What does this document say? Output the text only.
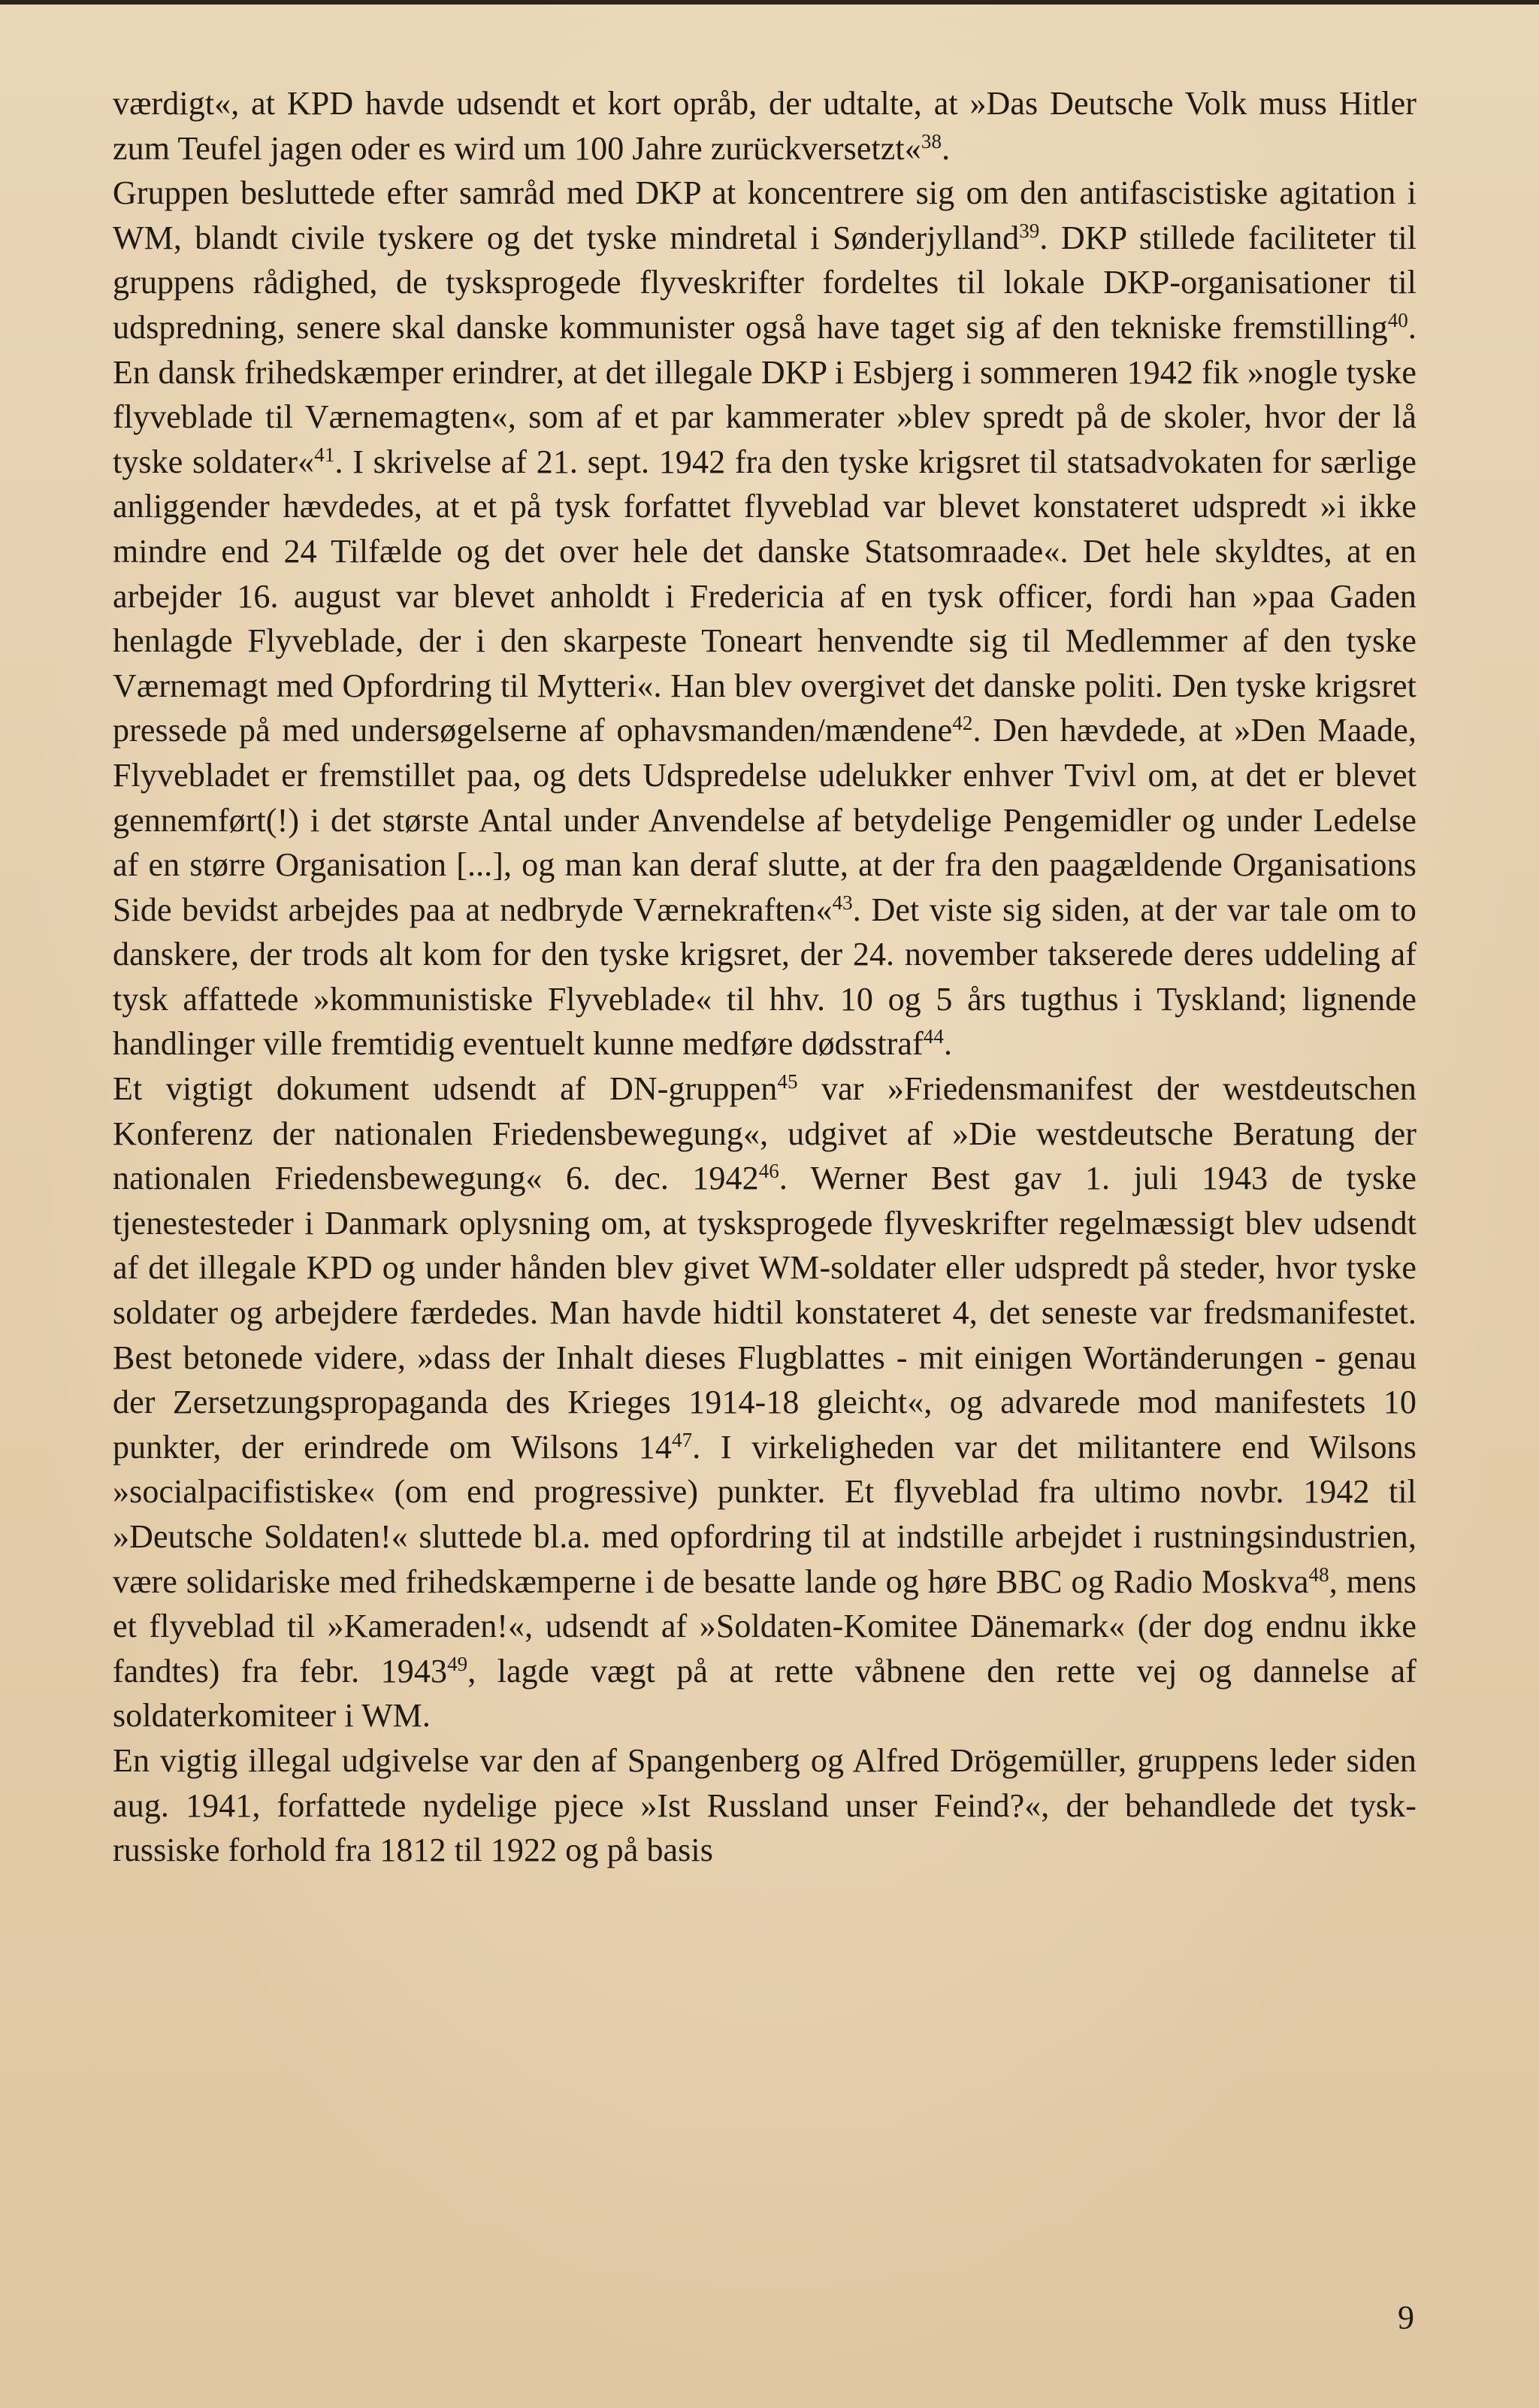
værdigt«, at KPD havde udsendt et kort opråb, der udtalte, at »Das Deutsche Volk muss Hitler zum Teufel jagen oder es wird um 100 Jahre zurückversetzt«$^{38}$.

Gruppen besluttede efter samråd med DKP at koncentrere sig om den antifascistiske agitation i WM, blandt civile tyskere og det tyske mindretal i Sønderjylland$^{39}$. DKP stillede faciliteter til gruppens rådighed, de tysksprogede flyveskrifter fordeltes til lokale DKP-organisationer til udspredning, senere skal danske kommunister også have taget sig af den tekniske fremstilling$^{40}$. En dansk frihedskæmper erindrer, at det illegale DKP i Esbjerg i sommeren 1942 fik »nogle tyske flyveblade til Værnemagten«, som af et par kammerater »blev spredt på de skoler, hvor der lå tyske soldater«$^{41}$. I skrivelse af 21. sept. 1942 fra den tyske krigsret til statsadvokaten for særlige anliggender hævdedes, at et på tysk forfattet flyveblad var blevet konstateret udspredt »i ikke mindre end 24 Tilfælde og det over hele det danske Statsomraade«. Det hele skyldtes, at en arbejder 16. august var blevet anholdt i Fredericia af en tysk officer, fordi han »paa Gaden henlagde Flyveblade, der i den skarpeste Toneart henvendte sig til Medlemmer af den tyske Værnemagt med Opfordring til Mytteri«. Han blev overgivet det danske politi. Den tyske krigsret pressede på med undersøgelserne af ophavsmanden/mændene$^{42}$. Den hævdede, at »Den Maade, Flyvebladet er fremstillet paa, og dets Udspredelse udelukker enhver Tvivl om, at det er blevet gennemført(!) i det største Antal under Anvendelse af betydelige Pengemidler og under Ledelse af en større Organisation [...], og man kan deraf slutte, at der fra den paagældende Organisations Side bevidst arbejdes paa at nedbryde Værnekraften«$^{43}$. Det viste sig siden, at der var tale om to danskere, der trods alt kom for den tyske krigsret, der 24. november takserede deres uddeling af tysk affattede »kommunistiske Flyveblade« til hhv. 10 og 5 års tugthus i Tyskland; lignende handlinger ville fremtidig eventuelt kunne medføre dødsstraf$^{44}$.

Et vigtigt dokument udsendt af DN-gruppen$^{45}$ var »Friedensmanifest der westdeutschen Konferenz der nationalen Friedensbewegung«, udgivet af »Die westdeutsche Beratung der nationalen Friedensbewegung« 6. dec. 1942$^{46}$. Werner Best gav 1. juli 1943 de tyske tjenestesteder i Danmark oplysning om, at tysksprogede flyveskrifter regelmæssigt blev udsendt af det illegale KPD og under hånden blev givet WM-soldater eller udspredt på steder, hvor tyske soldater og arbejdere færdedes. Man havde hidtil konstateret 4, det seneste var fredsmanifestet. Best betonede videre, »dass der Inhalt dieses Flugblattes - mit einigen Wortänderungen - genau der Zersetzungspropaganda des Krieges 1914-18 gleicht«, og advarede mod manifestets 10 punkter, der erindrede om Wilsons $14^{47}$. I virkeligheden var det militantere end Wilsons »socialpacifistiske« (om end progressive) punkter. Et flyveblad fra ultimo novbr. 1942 til »Deutsche Soldaten!« sluttede bl.a. med opfordring til at indstille arbejdet i rustningsindustrien, være solidariske med frihedskæmperne i de besatte lande og høre BBC og Radio Moskva$^{48}$, mens et flyveblad til »Kameraden!«, udsendt af »Soldaten-Komitee Dänemark« (der dog endnu ikke fandtes) fra febr. 1943$^{49}$, lagde vægt på at rette våbnene den rette vej og dannelse af soldaterkomiteer i WM.

En vigtig illegal udgivelse var den af Spangenberg og Alfred Drögemüller, gruppens leder siden aug. 1941, forfattede nydelige pjece »Ist Russland unser Feind?«, der behandlede det tysk-russiske forhold fra 1812 til 1922 og på basis

9
